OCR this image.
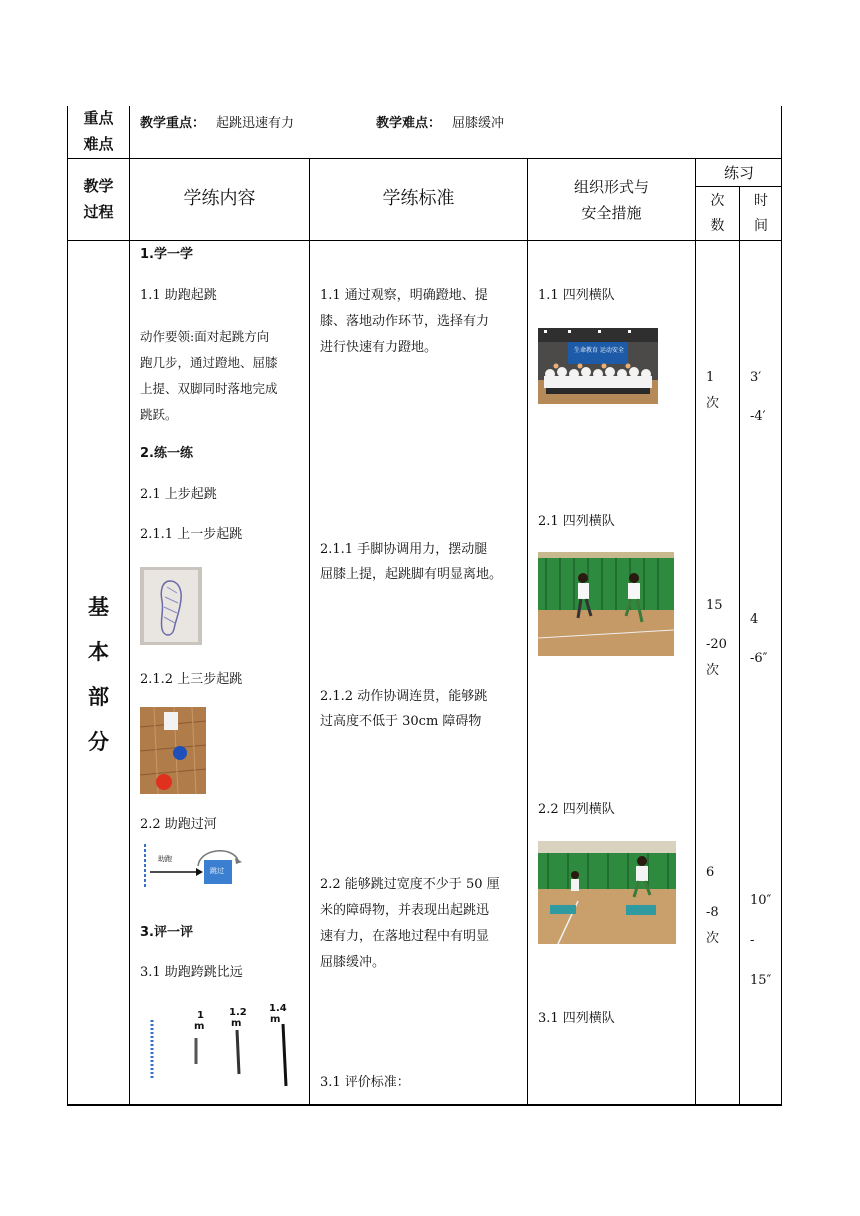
重点
难点
教学重点： 起跳迅速有力	教学难点： 屈膝缓冲
教学
过程
学练内容	学练标准
组织形式与
安全措施
练习
次
数
时
间
基
本
部
分
1.学一学
1.1 助跑起跳
动作要领:面对起跳方向
跑几步，通过蹬地、屈膝
上提、双脚同时落地完成
跳跃。
2.练一练
2.1 上步起跳
2.1.1 上一步起跳
2.1.2 上三步起跳
2.2 助跑过河
助跑
跳过
3.评一评
3.1 助跑跨跳比远
1
m
1.2
m
1.4
m
1.1 通过观察，明确蹬地、提
膝、落地动作环节，选择有力
进行快速有力蹬地。
2.1.1 手脚协调用力，摆动腿
屈膝上提，起跳脚有明显离地。
2.1.2 动作协调连贯，能够跳
过高度不低于 30cm 障碍物
2.2 能够跳过宽度不少于 50 厘
米的障碍物，并表现出起跳迅
速有力，在落地过程中有明显
屈膝缓冲。
3.1 评价标准：
1.1 四列横队
生命教育 运动安全
2.1 四列横队
2.2 四列横队
3.1 四列横队
1
次
15
-20
次
6
-8
次
3′
-4′
4
-6″
10″
-
15″
